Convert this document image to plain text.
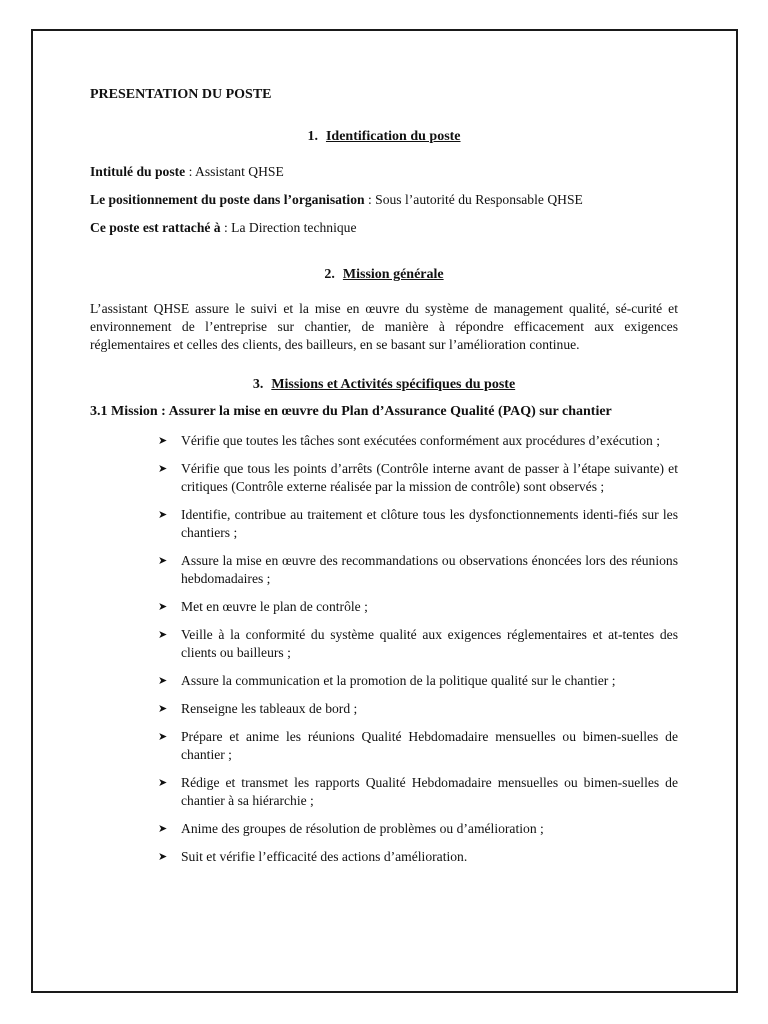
PRESENTATION DU POSTE

1. Identification du poste

Intitulé du poste : Assistant QHSE

Le positionnement du poste dans l’organisation : Sous l’autorité du Responsable QHSE

Ce poste est rattaché à : La Direction technique

2. Mission générale

L’assistant QHSE assure le suivi et la mise en œuvre du système de management qualité, sé-curité et environnement de l’entreprise sur chantier, de manière à répondre efficacement aux exigences réglementaires et celles des clients, des bailleurs, en se basant sur l’amélioration continue.

3. Missions et Activités spécifiques du poste

3.1 Mission : Assurer la mise en œuvre du Plan d’Assurance Qualité (PAQ) sur chantier

➤ Vérifie que toutes les tâches sont exécutées conformément aux procédures d’exécution ;
➤ Vérifie que tous les points d’arrêts (Contrôle interne avant de passer à l’étape suivante) et critiques (Contrôle externe réalisée par la mission de contrôle) sont observés ;
➤ Identifie, contribue au traitement et clôture tous les dysfonctionnements identi-fiés sur les chantiers ;
➤ Assure la mise en œuvre des recommandations ou observations énoncées lors des réunions hebdomadaires ;
➤ Met en œuvre le plan de contrôle ;
➤ Veille à la conformité du système qualité aux exigences réglementaires et at-tentes des clients ou bailleurs ;
➤ Assure la communication et la promotion de la politique qualité sur le chantier ;
➤ Renseigne les tableaux de bord ;
➤ Prépare et anime les réunions Qualité Hebdomadaire mensuelles ou bimen-suelles de chantier ;
➤ Rédige et transmet les rapports Qualité Hebdomadaire mensuelles ou bimen-suelles de chantier à sa hiérarchie ;
➤ Anime des groupes de résolution de problèmes ou d’amélioration ;
➤ Suit et vérifie l’efficacité des actions d’amélioration.
